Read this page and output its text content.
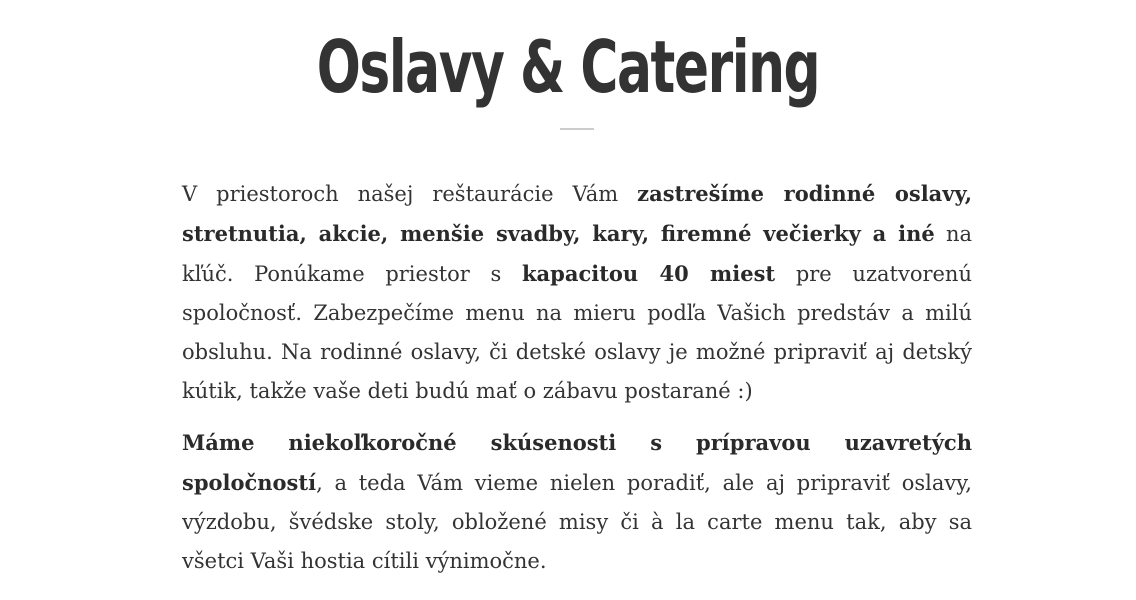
Oslavy & Catering

V priestoroch našej reštaurácie Vám zastrešíme rodinné oslavy, stretnutia, akcie, menšie svadby, kary, firemné večierky a iné na kľúč. Ponúkame priestor s kapacitou 40 miest pre uzatvorenú spoločnosť. Zabezpečíme menu na mieru podľa Vašich predstáv a milú obsluhu. Na rodinné oslavy, či detské oslavy je možné pripraviť aj detský kútik, takže vaše deti budú mať o zábavu postarané :)

Máme niekoľkoročné skúsenosti s prípravou uzavretých spoločností, a teda Vám vieme nielen poradiť, ale aj pripraviť oslavy, výzdobu, švédske stoly, obložené misy či à la carte menu tak, aby sa všetci Vaši hostia cítili výnimočne.
